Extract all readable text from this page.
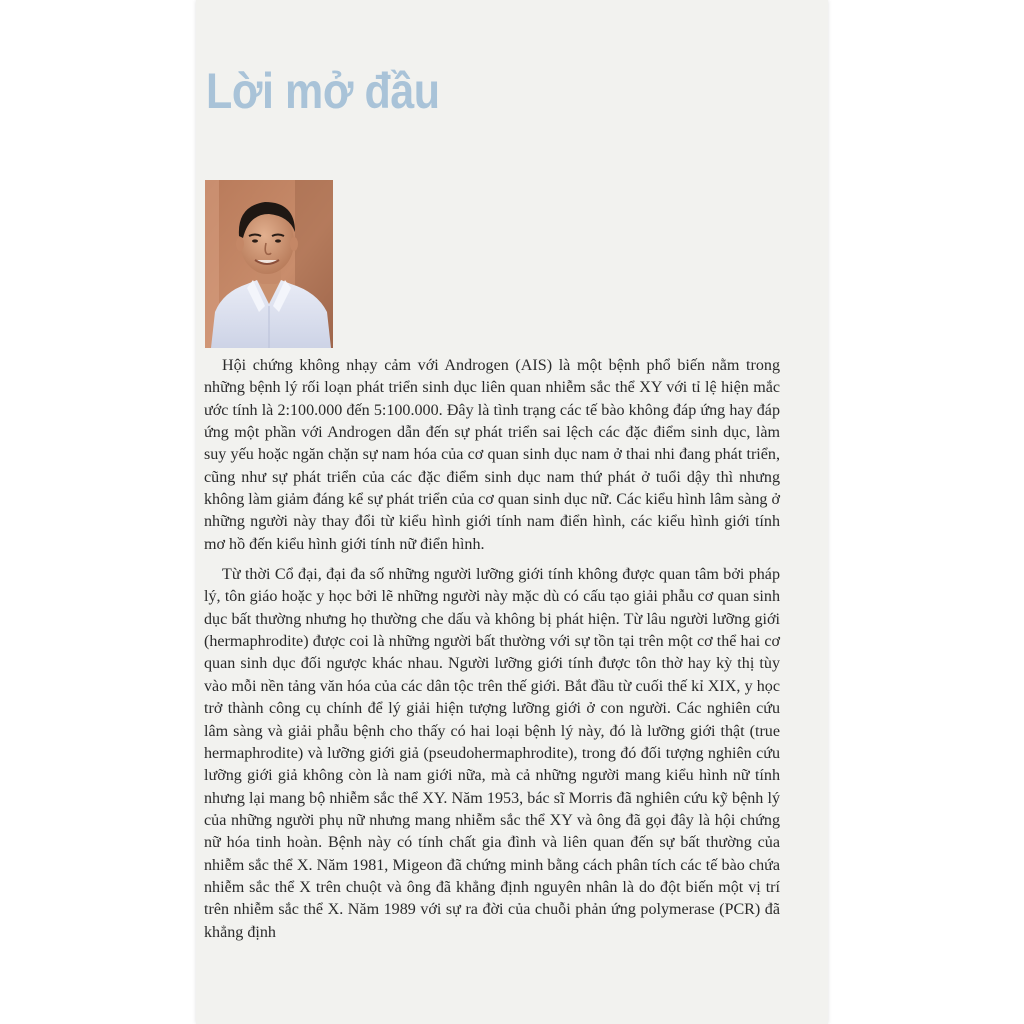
Lời mở đầu

Hội chứng không nhạy cảm với Androgen (AIS) là một bệnh phổ biến nằm trong những bệnh lý rối loạn phát triển sinh dục liên quan nhiễm sắc thể XY với tỉ lệ hiện mắc ước tính là 2:100.000 đến 5:100.000. Đây là tình trạng các tế bào không đáp ứng hay đáp ứng một phần với Androgen dẫn đến sự phát triển sai lệch các đặc điểm sinh dục, làm suy yếu hoặc ngăn chặn sự nam hóa của cơ quan sinh dục nam ở thai nhi đang phát triển, cũng như sự phát triển của các đặc điểm sinh dục nam thứ phát ở tuổi dậy thì nhưng không làm giảm đáng kể sự phát triển của cơ quan sinh dục nữ. Các kiểu hình lâm sàng ở những người này thay đổi từ kiểu hình giới tính nam điển hình, các kiểu hình giới tính mơ hồ đến kiểu hình giới tính nữ điển hình.

Từ thời Cổ đại, đại đa số những người lưỡng giới tính không được quan tâm bởi pháp lý, tôn giáo hoặc y học bởi lẽ những người này mặc dù có cấu tạo giải phẫu cơ quan sinh dục bất thường nhưng họ thường che dấu và không bị phát hiện. Từ lâu người lưỡng giới (hermaphrodite) được coi là những người bất thường với sự tồn tại trên một cơ thể hai cơ quan sinh dục đối ngược khác nhau. Người lưỡng giới tính được tôn thờ hay kỳ thị tùy vào mỗi nền tảng văn hóa của các dân tộc trên thế giới. Bắt đầu từ cuối thế kỉ XIX, y học trở thành công cụ chính để lý giải hiện tượng lưỡng giới ở con người. Các nghiên cứu lâm sàng và giải phẫu bệnh cho thấy có hai loại bệnh lý này, đó là lưỡng giới thật (true hermaphrodite) và lưỡng giới giả (pseudohermaphrodite), trong đó đối tượng nghiên cứu lưỡng giới giả không còn là nam giới nữa, mà cả những người mang kiểu hình nữ tính nhưng lại mang bộ nhiễm sắc thể XY. Năm 1953, bác sĩ Morris đã nghiên cứu kỹ bệnh lý của những người phụ nữ nhưng mang nhiễm sắc thể XY và ông đã gọi đây là hội chứng nữ hóa tinh hoàn. Bệnh này có tính chất gia đình và liên quan đến sự bất thường của nhiễm sắc thể X. Năm 1981, Migeon đã chứng minh bằng cách phân tích các tế bào chứa nhiễm sắc thể X trên chuột và ông đã khẳng định nguyên nhân là do đột biến một vị trí trên nhiễm sắc thể X. Năm 1989 với sự ra đời của chuỗi phản ứng polymerase (PCR) đã khẳng định
